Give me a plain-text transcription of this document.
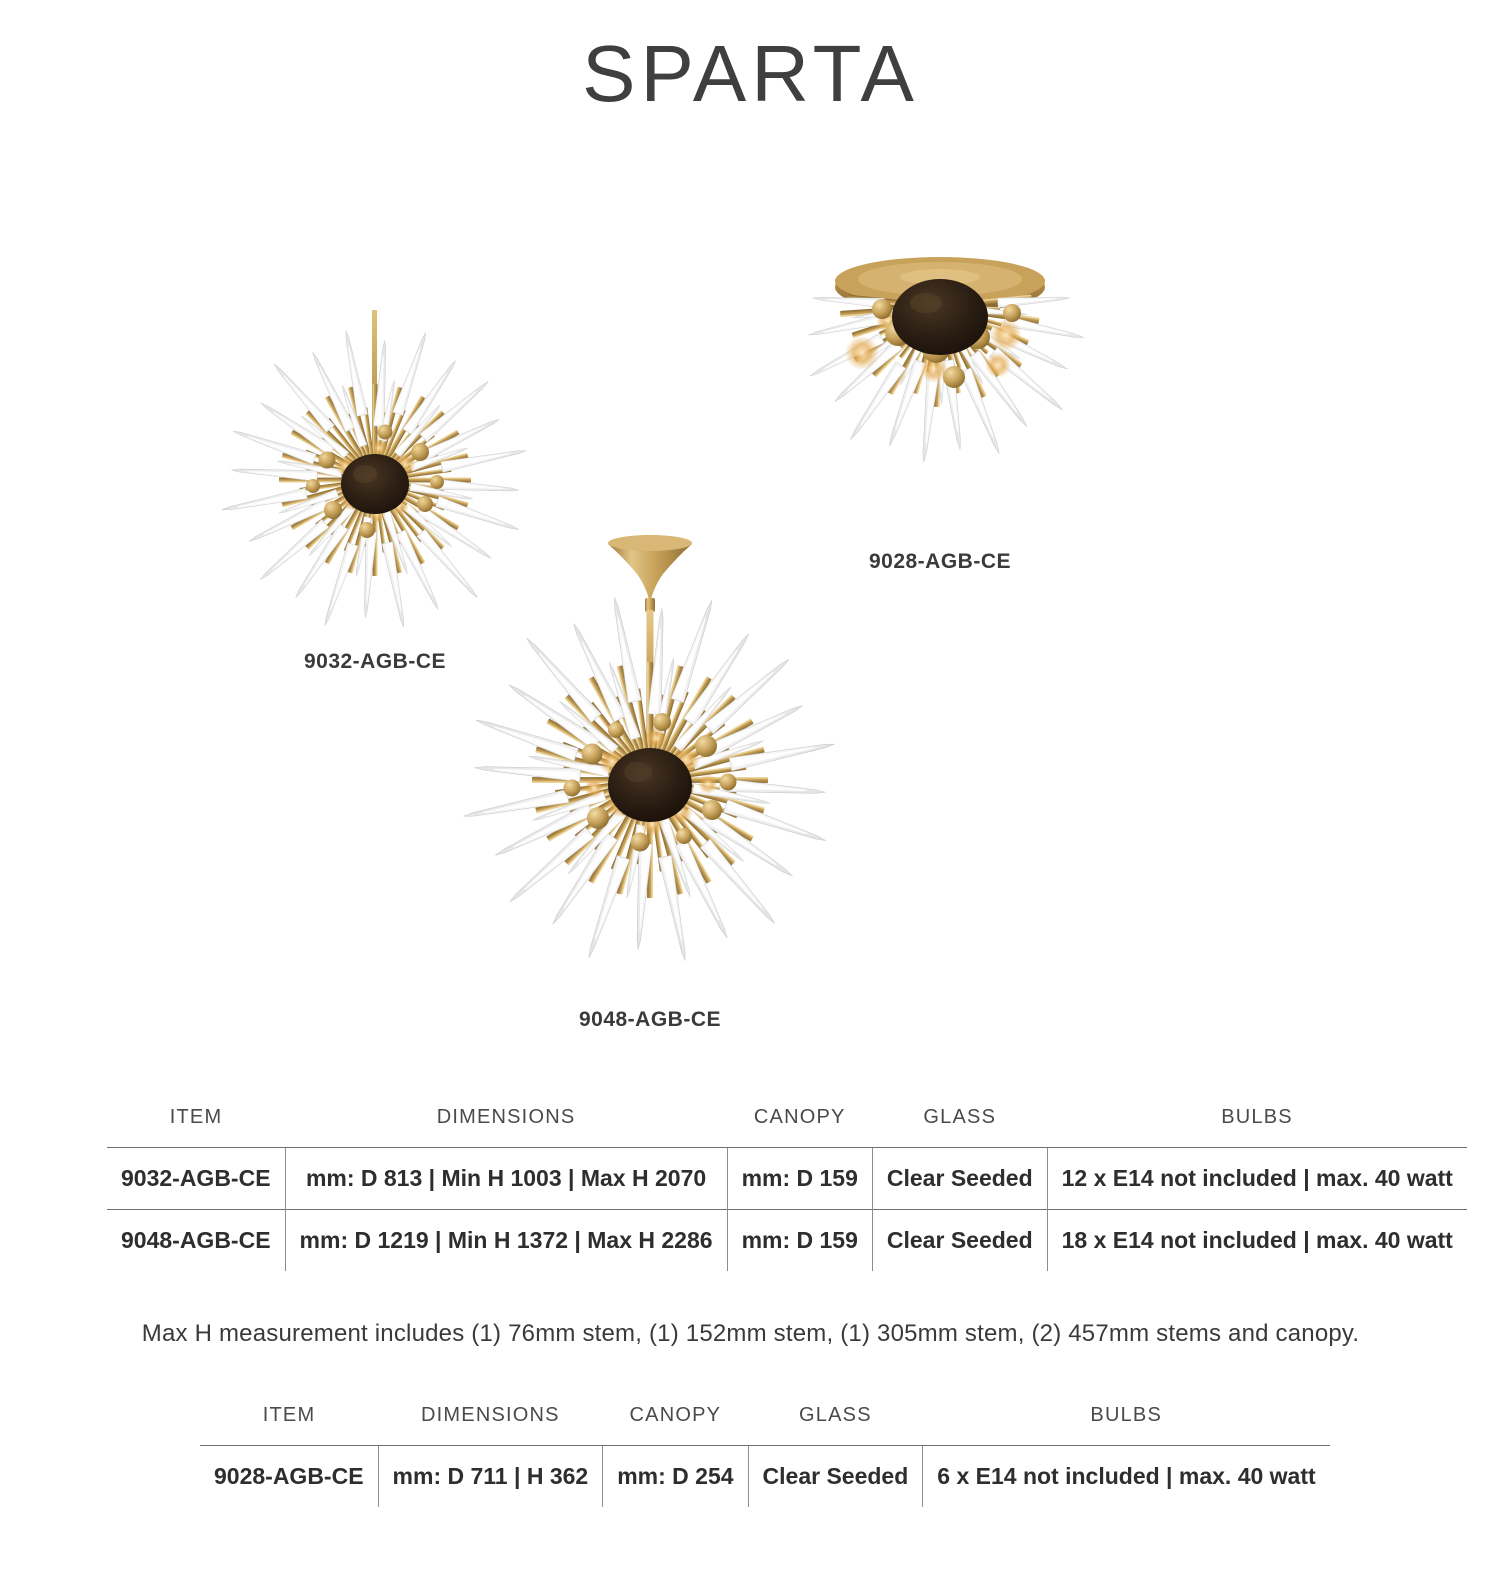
SPARTA
9032-AGB-CE
9028-AGB-CE
9048-AGB-CE
ITEM	DIMENSIONS	CANOPY	GLASS	BULBS
9032-AGB-CE	mm: D 813 | Min H 1003 | Max H 2070	mm: D 159	Clear Seeded	12 x E14 not included | max. 40 watt
9048-AGB-CE	mm: D 1219 | Min H 1372 | Max H 2286	mm: D 159	Clear Seeded	18 x E14 not included | max. 40 watt
Max H measurement includes (1) 76mm stem, (1) 152mm stem, (1) 305mm stem, (2) 457mm stems and canopy.
ITEM	DIMENSIONS	CANOPY	GLASS	BULBS
9028-AGB-CE	mm: D 711 | H 362	mm: D 254	Clear Seeded	6 x E14 not included | max. 40 watt
